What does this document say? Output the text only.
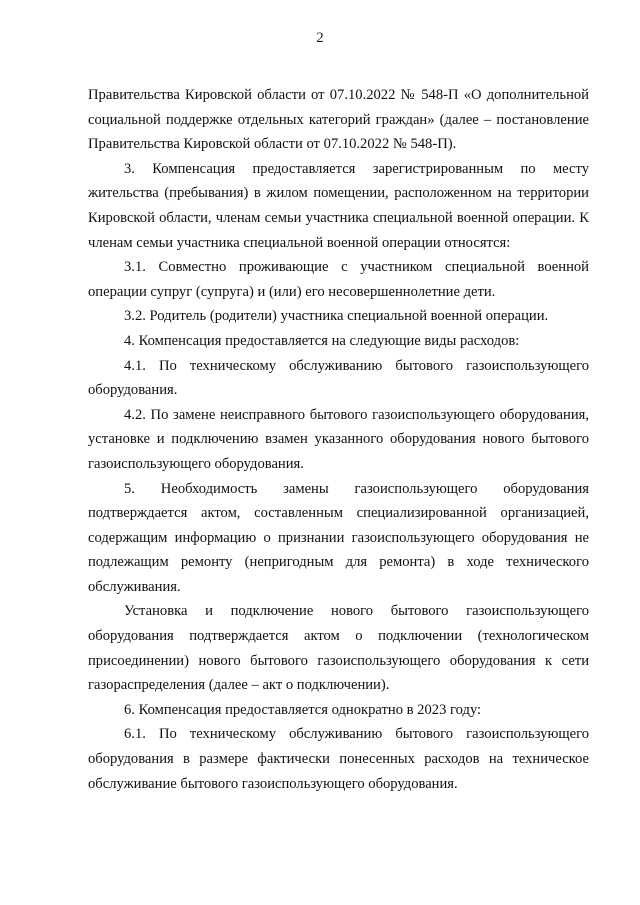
2

Правительства Кировской области от 07.10.2022 № 548-П «О дополнительной социальной поддержке отдельных категорий граждан» (далее – постановление Правительства Кировской области от 07.10.2022 № 548-П).

3. Компенсация предоставляется зарегистрированным по месту жительства (пребывания) в жилом помещении, расположенном на территории Кировской области, членам семьи участника специальной военной операции. К членам семьи участника специальной военной операции относятся:

3.1. Совместно проживающие с участником специальной военной операции супруг (супруга) и (или) его несовершеннолетние дети.

3.2. Родитель (родители) участника специальной военной операции.

4. Компенсация предоставляется на следующие виды расходов:

4.1. По техническому обслуживанию бытового газоиспользующего оборудования.

4.2. По замене неисправного бытового газоиспользующего оборудования, установке и подключению взамен указанного оборудования нового бытового газоиспользующего оборудования.

5. Необходимость замены газоиспользующего оборудования подтверждается актом, составленным специализированной организацией, содержащим информацию о признании газоиспользующего оборудования не подлежащим ремонту (непригодным для ремонта) в ходе технического обслуживания.

Установка и подключение нового бытового газоиспользующего оборудования подтверждается актом о подключении (технологическом присоединении) нового бытового газоиспользующего оборудования к сети газораспределения (далее – акт о подключении).

6. Компенсация предоставляется однократно в 2023 году:

6.1. По техническому обслуживанию бытового газоиспользующего оборудования в размере фактически понесенных расходов на техническое обслуживание бытового газоиспользующего оборудования.
